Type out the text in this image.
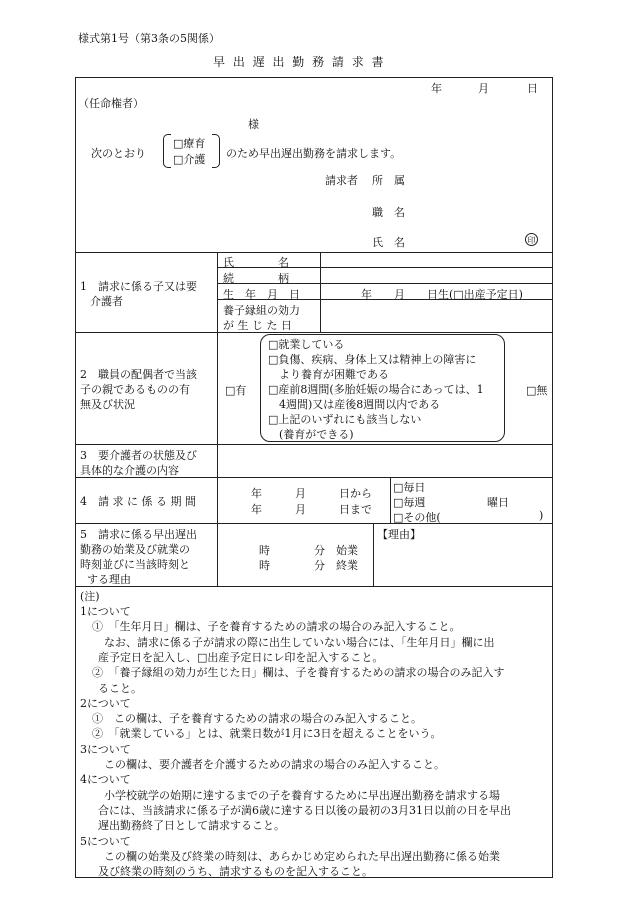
様式第1号（第3条の5関係）
早 出 遅 出 勤 務 請 求 書
年	月	日
（任命権者）
様
次のとおり
□療育
□介護 のため早出遅出勤務を請求します。
請求者 所　属
職　名
氏　名	印
1　請求に係る子又は要
介護者
氏　　　　名
続　　　　柄
生　年　月　日	年　　月　　日生(□出産予定日)
養子縁組の効力
が 生 じ た 日
2　職員の配偶者で当該
子の親であるものの有
無及び状況
□有	□無
□就業している
□負傷、疾病、身体上又は精神上の障害に
　より養育が困難である
□産前8週間(多胎妊娠の場合にあっては、1
　4週間)又は産後8週間以内である
□上記のいずれにも該当しない
　(養育ができる)
3　要介護者の状態及び
具体的な介護の内容
4　請 求 に 係 る 期 間
年　　　月　　　日から
年　　　月　　　日まで
□毎日
□毎週	曜日
□その他(	)
5　請求に係る早出遅出
勤務の始業及び就業の
時刻並びに当該時刻と
する理由
時　　　　分　始業
時　　　　分　終業
【理由】
(注)
1について
①　「生年月日」欄は、子を養育するための請求の場合のみ記入すること。
なお、請求に係る子が請求の際に出生していない場合には、「生年月日」欄に出
産予定日を記入し、□出産予定日にレ印を記入すること。
②　「養子縁組の効力が生じた日」欄は、子を養育するための請求の場合のみ記入す
ること。
2について
①　この欄は、子を養育するための請求の場合のみ記入すること。
②　「就業している」とは、就業日数が1月に3日を超えることをいう。
3について
この欄は、要介護者を介護するための請求の場合のみ記入すること。
4について
小学校就学の始期に達するまでの子を養育するために早出遅出勤務を請求する場
合には、当該請求に係る子が満6歳に達する日以後の最初の3月31日以前の日を早出
遅出勤務終了日として請求すること。
5について
この欄の始業及び終業の時刻は、あらかじめ定められた早出遅出勤務に係る始業
及び終業の時刻のうち、請求するものを記入すること。
